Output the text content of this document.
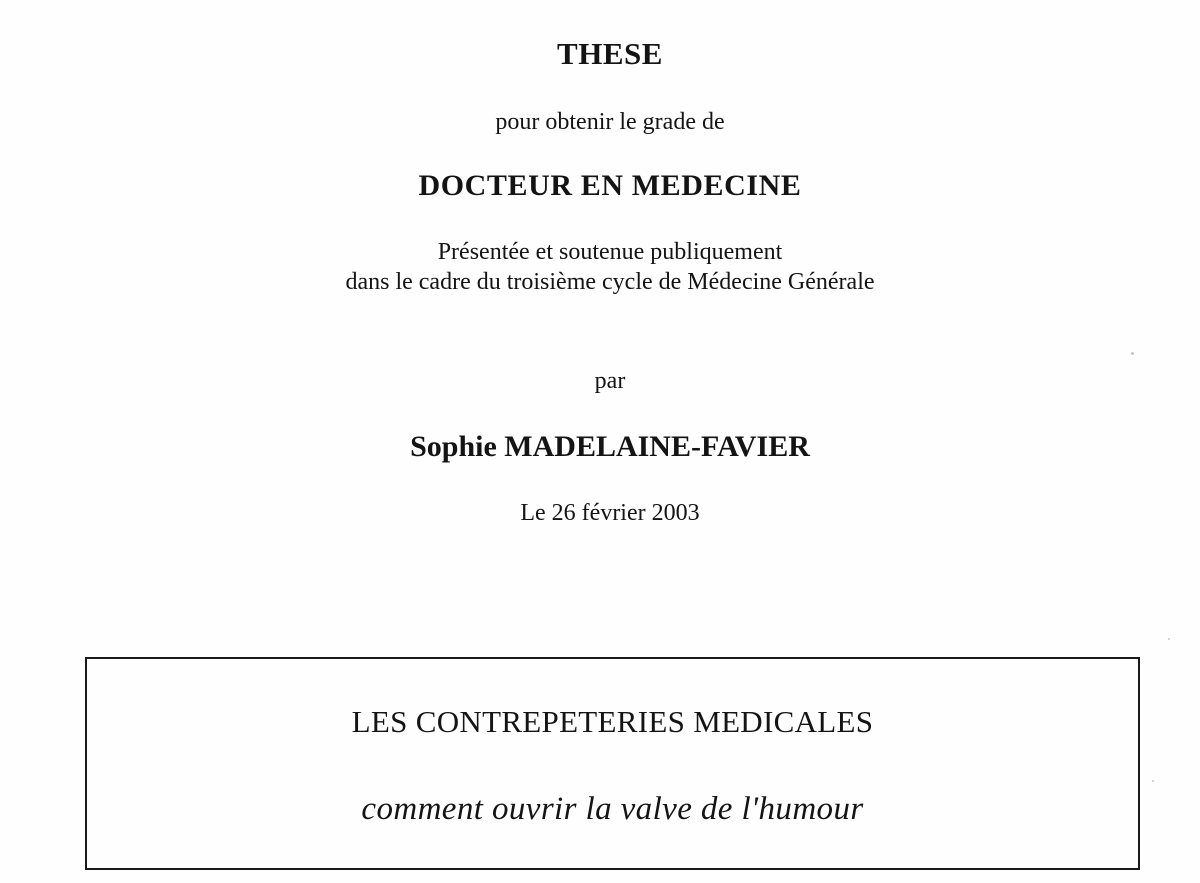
THESE
pour obtenir le grade de
DOCTEUR EN MEDECINE
Présentée et soutenue publiquement
dans le cadre du troisième cycle de Médecine Générale
par
Sophie MADELAINE-FAVIER
Le 26 février 2003
LES CONTREPETERIES MEDICALES
comment ouvrir la valve de l'humour
